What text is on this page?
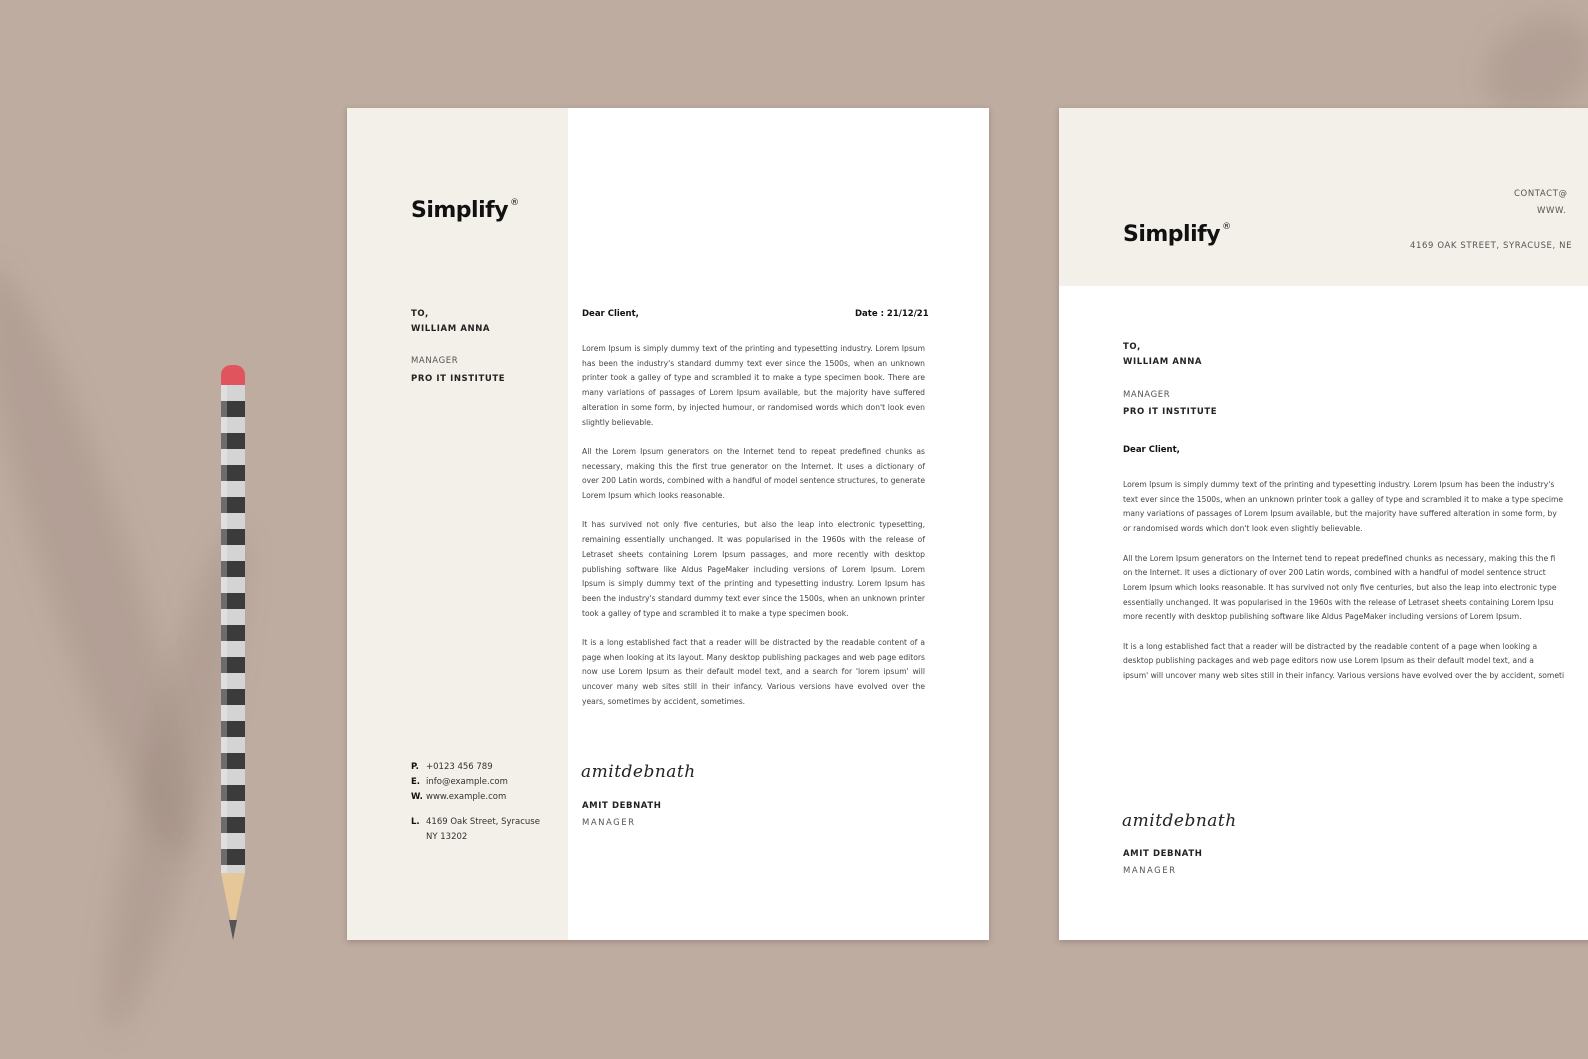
Simplify ®
TO,
WILLIAM ANNA
MANAGER
PRO IT INSTITUTE
P. +0123 456 789
E. info@example.com
W. www.example.com
L. 4169 Oak Street, Syracuse
NY 13202
Dear Client,	Date : 21/12/21

Lorem Ipsum is simply dummy text of the printing and typesetting industry. Lorem Ipsum has been the industry's standard dummy text ever since the 1500s, when an unknown printer took a galley of type and scrambled it to make a type specimen book. There are many variations of passages of Lorem Ipsum available, but the majority have suffered alteration in some form, by injected humour, or randomised words which don't look even slightly believable.

All the Lorem Ipsum generators on the Internet tend to repeat predefined chunks as necessary, making this the first true generator on the Internet. It uses a dictionary of over 200 Latin words, combined with a handful of model sentence structures, to generate Lorem Ipsum which looks reasonable.

It has survived not only five centuries, but also the leap into electronic typesetting, remaining essentially unchanged. It was popularised in the 1960s with the release of Letraset sheets containing Lorem Ipsum passages, and more recently with desktop publishing software like Aldus PageMaker including versions of Lorem Ipsum. Lorem Ipsum is simply dummy text of the printing and typesetting industry. Lorem Ipsum has been the industry's standard dummy text ever since the 1500s, when an unknown printer took a galley of type and scrambled it to make a type specimen book.

It is a long established fact that a reader will be distracted by the readable content of a page when looking at its layout. Many desktop publishing packages and web page editors now use Lorem Ipsum as their default model text, and a search for 'lorem ipsum' will uncover many web sites still in their infancy. Various versions have evolved over the years, sometimes by accident, sometimes.

amitdebnath
AMIT DEBNATH
MANAGER
Simplify ®
CONTACT@
WWW.
4169 OAK STREET, SYRACUSE, NE
TO,
WILLIAM ANNA
MANAGER
PRO IT INSTITUTE
Dear Client,

Lorem Ipsum is simply dummy text of the printing and typesetting industry. Lorem Ipsum has been the industry's
text ever since the 1500s, when an unknown printer took a galley of type and scrambled it to make a type specime
many variations of passages of Lorem Ipsum available, but the majority have suffered alteration in some form, by
or randomised words which don't look even slightly believable.

All the Lorem Ipsum generators on the Internet tend to repeat predefined chunks as necessary, making this the fi
on the Internet. It uses a dictionary of over 200 Latin words, combined with a handful of model sentence struct
Lorem Ipsum which looks reasonable. It has survived not only five centuries, but also the leap into electronic type
essentially unchanged. It was popularised in the 1960s with the release of Letraset sheets containing Lorem Ipsu
more recently with desktop publishing software like Aldus PageMaker including versions of Lorem Ipsum.

It is a long established fact that a reader will be distracted by the readable content of a page when looking a
desktop publishing packages and web page editors now use Lorem Ipsum as their default model text, and a
ipsum' will uncover many web sites still in their infancy. Various versions have evolved over the by accident, someti

amitdebnath
AMIT DEBNATH
MANAGER
